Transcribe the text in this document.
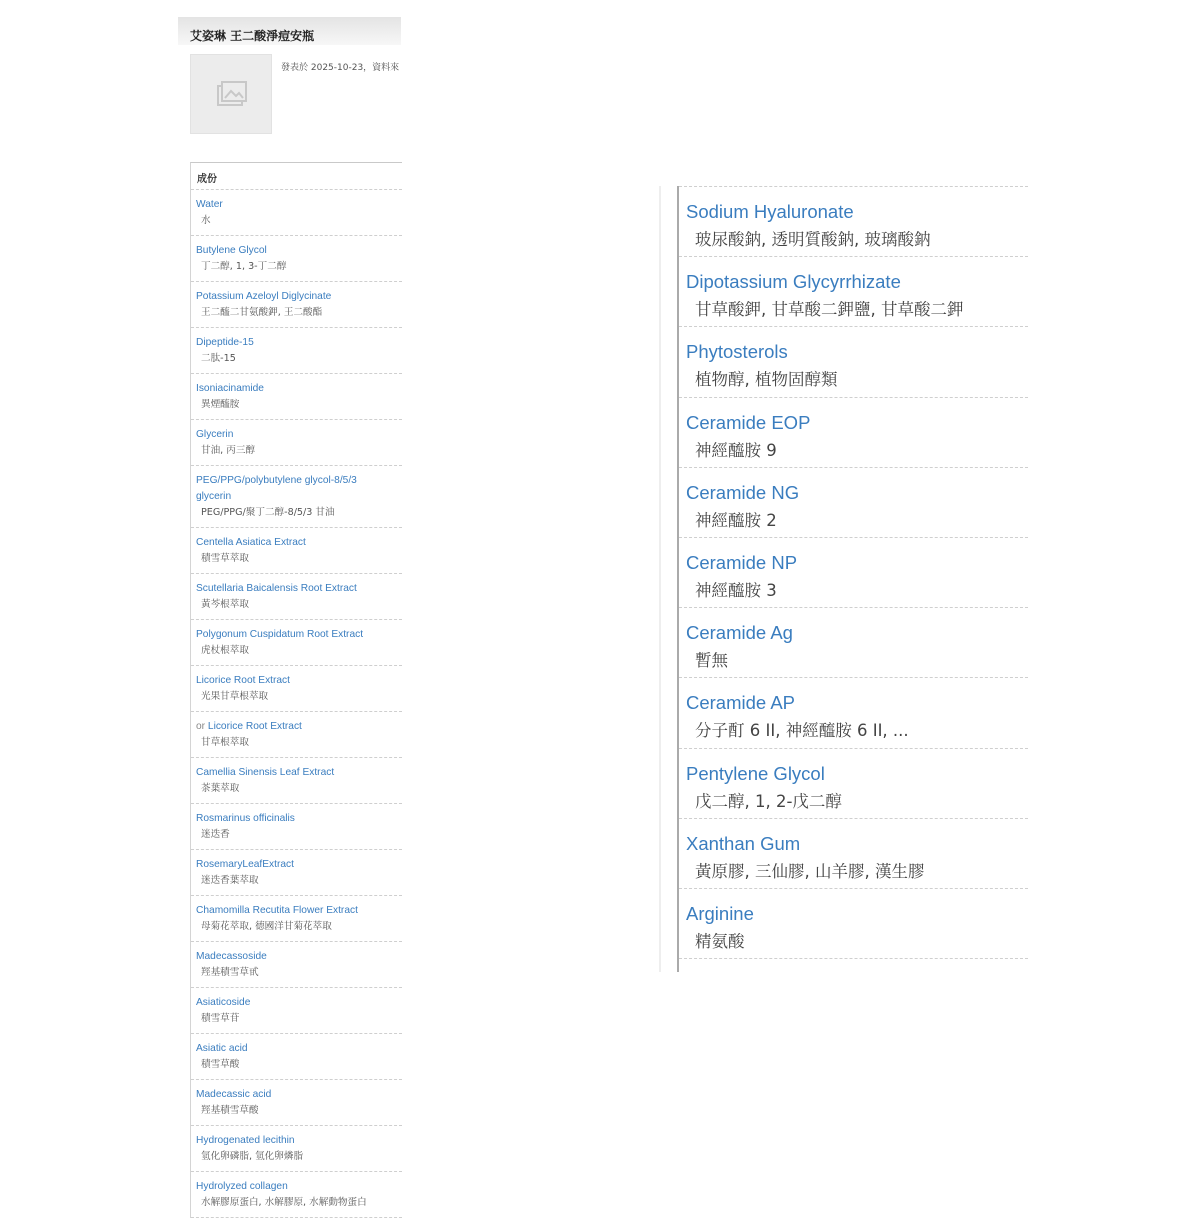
艾姿琳 王二酸淨痘安瓶
發表於 2025-10-23，資料來
成份
Water
水
Butylene Glycol
丁二醇, 1, 3-丁二醇
Potassium Azeloyl Diglycinate
王二醯二甘氨酸鉀, 王二酸酯
Dipeptide-15
二肽-15
Isoniacinamide
異煙醯胺
Glycerin
甘油, 丙三醇
PEG/PPG/polybutylene glycol-8/5/3 glycerin
PEG/PPG/聚丁二醇-8/5/3 甘油
Centella Asiatica Extract
積雪草萃取
Scutellaria Baicalensis Root Extract
黃芩根萃取
Polygonum Cuspidatum Root Extract
虎杖根萃取
Licorice Root Extract
光果甘草根萃取
or Licorice Root Extract
甘草根萃取
Camellia Sinensis Leaf Extract
茶葉萃取
Rosmarinus officinalis
迷迭香
RosemaryLeafExtract
迷迭香葉萃取
Chamomilla Recutita Flower Extract
母菊花萃取, 德國洋甘菊花萃取
Madecassoside
羥基積雪草甙
Asiaticoside
積雪草苷
Asiatic acid
積雪草酸
Madecassic acid
羥基積雪草酸
Hydrogenated lecithin
氫化卵磷脂, 氫化卵燐脂
Hydrolyzed collagen
水解膠原蛋白, 水解膠原, 水解動物蛋白
Sodium Hyaluronate
玻尿酸鈉, 透明質酸鈉, 玻璃酸鈉
Dipotassium Glycyrrhizate
甘草酸鉀, 甘草酸二鉀鹽, 甘草酸二鉀
Phytosterols
植物醇, 植物固醇類
Ceramide EOP
神經醯胺 9
Ceramide NG
神經醯胺 2
Ceramide NP
神經醯胺 3
Ceramide Ag
暫無
Ceramide AP
分子酊 6 II, 神經醯胺 6 II, ...
Pentylene Glycol
戊二醇, 1, 2-戊二醇
Xanthan Gum
黃原膠, 三仙膠, 山羊膠, 漢生膠
Arginine
精氨酸
